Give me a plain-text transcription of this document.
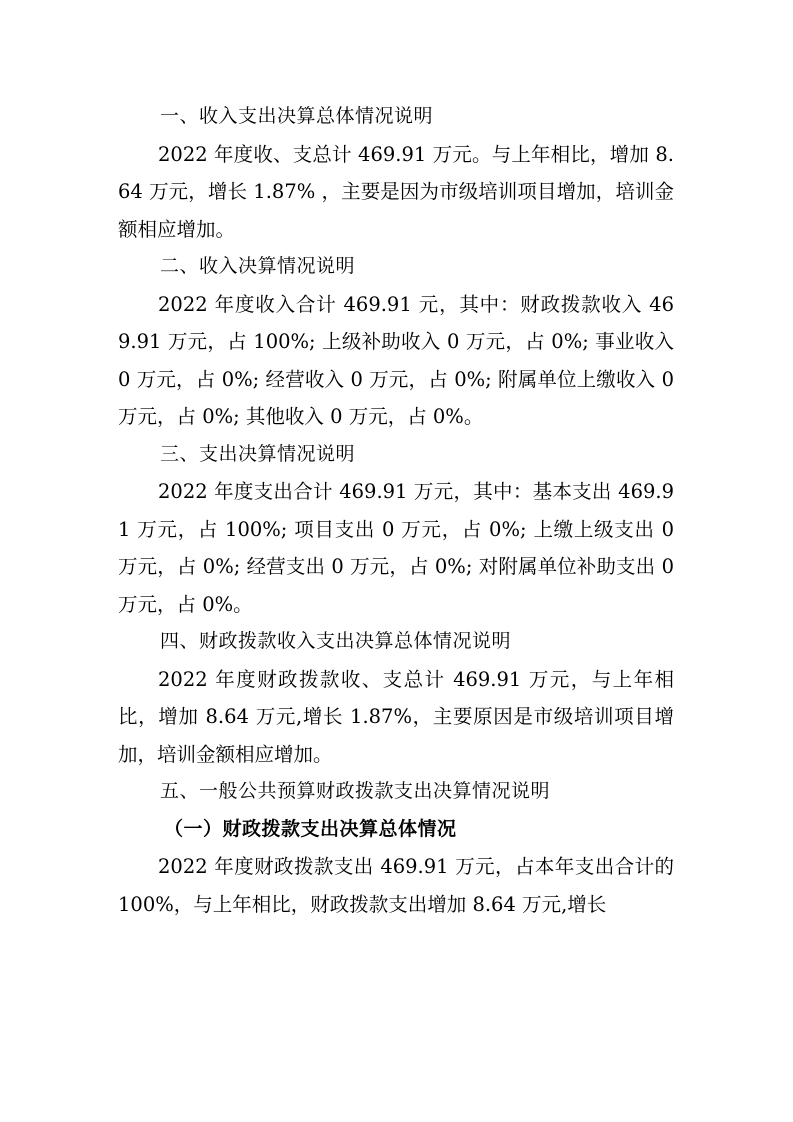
一、收入支出决算总体情况说明

2022 年度收、支总计 469.91 万元。与上年相比，增加 8.64 万元，增长 1.87% ，主要是因为市级培训项目增加，培训金额相应增加。

二、收入决算情况说明

2022 年度收入合计 469.91 元，其中：财政拨款收入 469.91 万元，占 100%; 上级补助收入 0 万元，占 0%; 事业收入 0 万元，占 0%; 经营收入 0 万元，占 0%; 附属单位上缴收入 0 万元，占 0%; 其他收入 0 万元，占 0%。

三、支出决算情况说明

2022 年度支出合计 469.91 万元，其中：基本支出 469.91 万元，占 100%; 项目支出 0 万元，占 0%; 上缴上级支出 0 万元，占 0%; 经营支出 0 万元，占 0%; 对附属单位补助支出 0 万元，占 0%。

四、财政拨款收入支出决算总体情况说明

2022 年度财政拨款收、支总计 469.91 万元，与上年相比，增加 8.64 万元,增长 1.87%，主要原因是市级培训项目增加，培训金额相应增加。

五、一般公共预算财政拨款支出决算情况说明

（一）财政拨款支出决算总体情况

2022 年度财政拨款支出 469.91 万元，占本年支出合计的 100%，与上年相比，财政拨款支出增加 8.64 万元,增长
